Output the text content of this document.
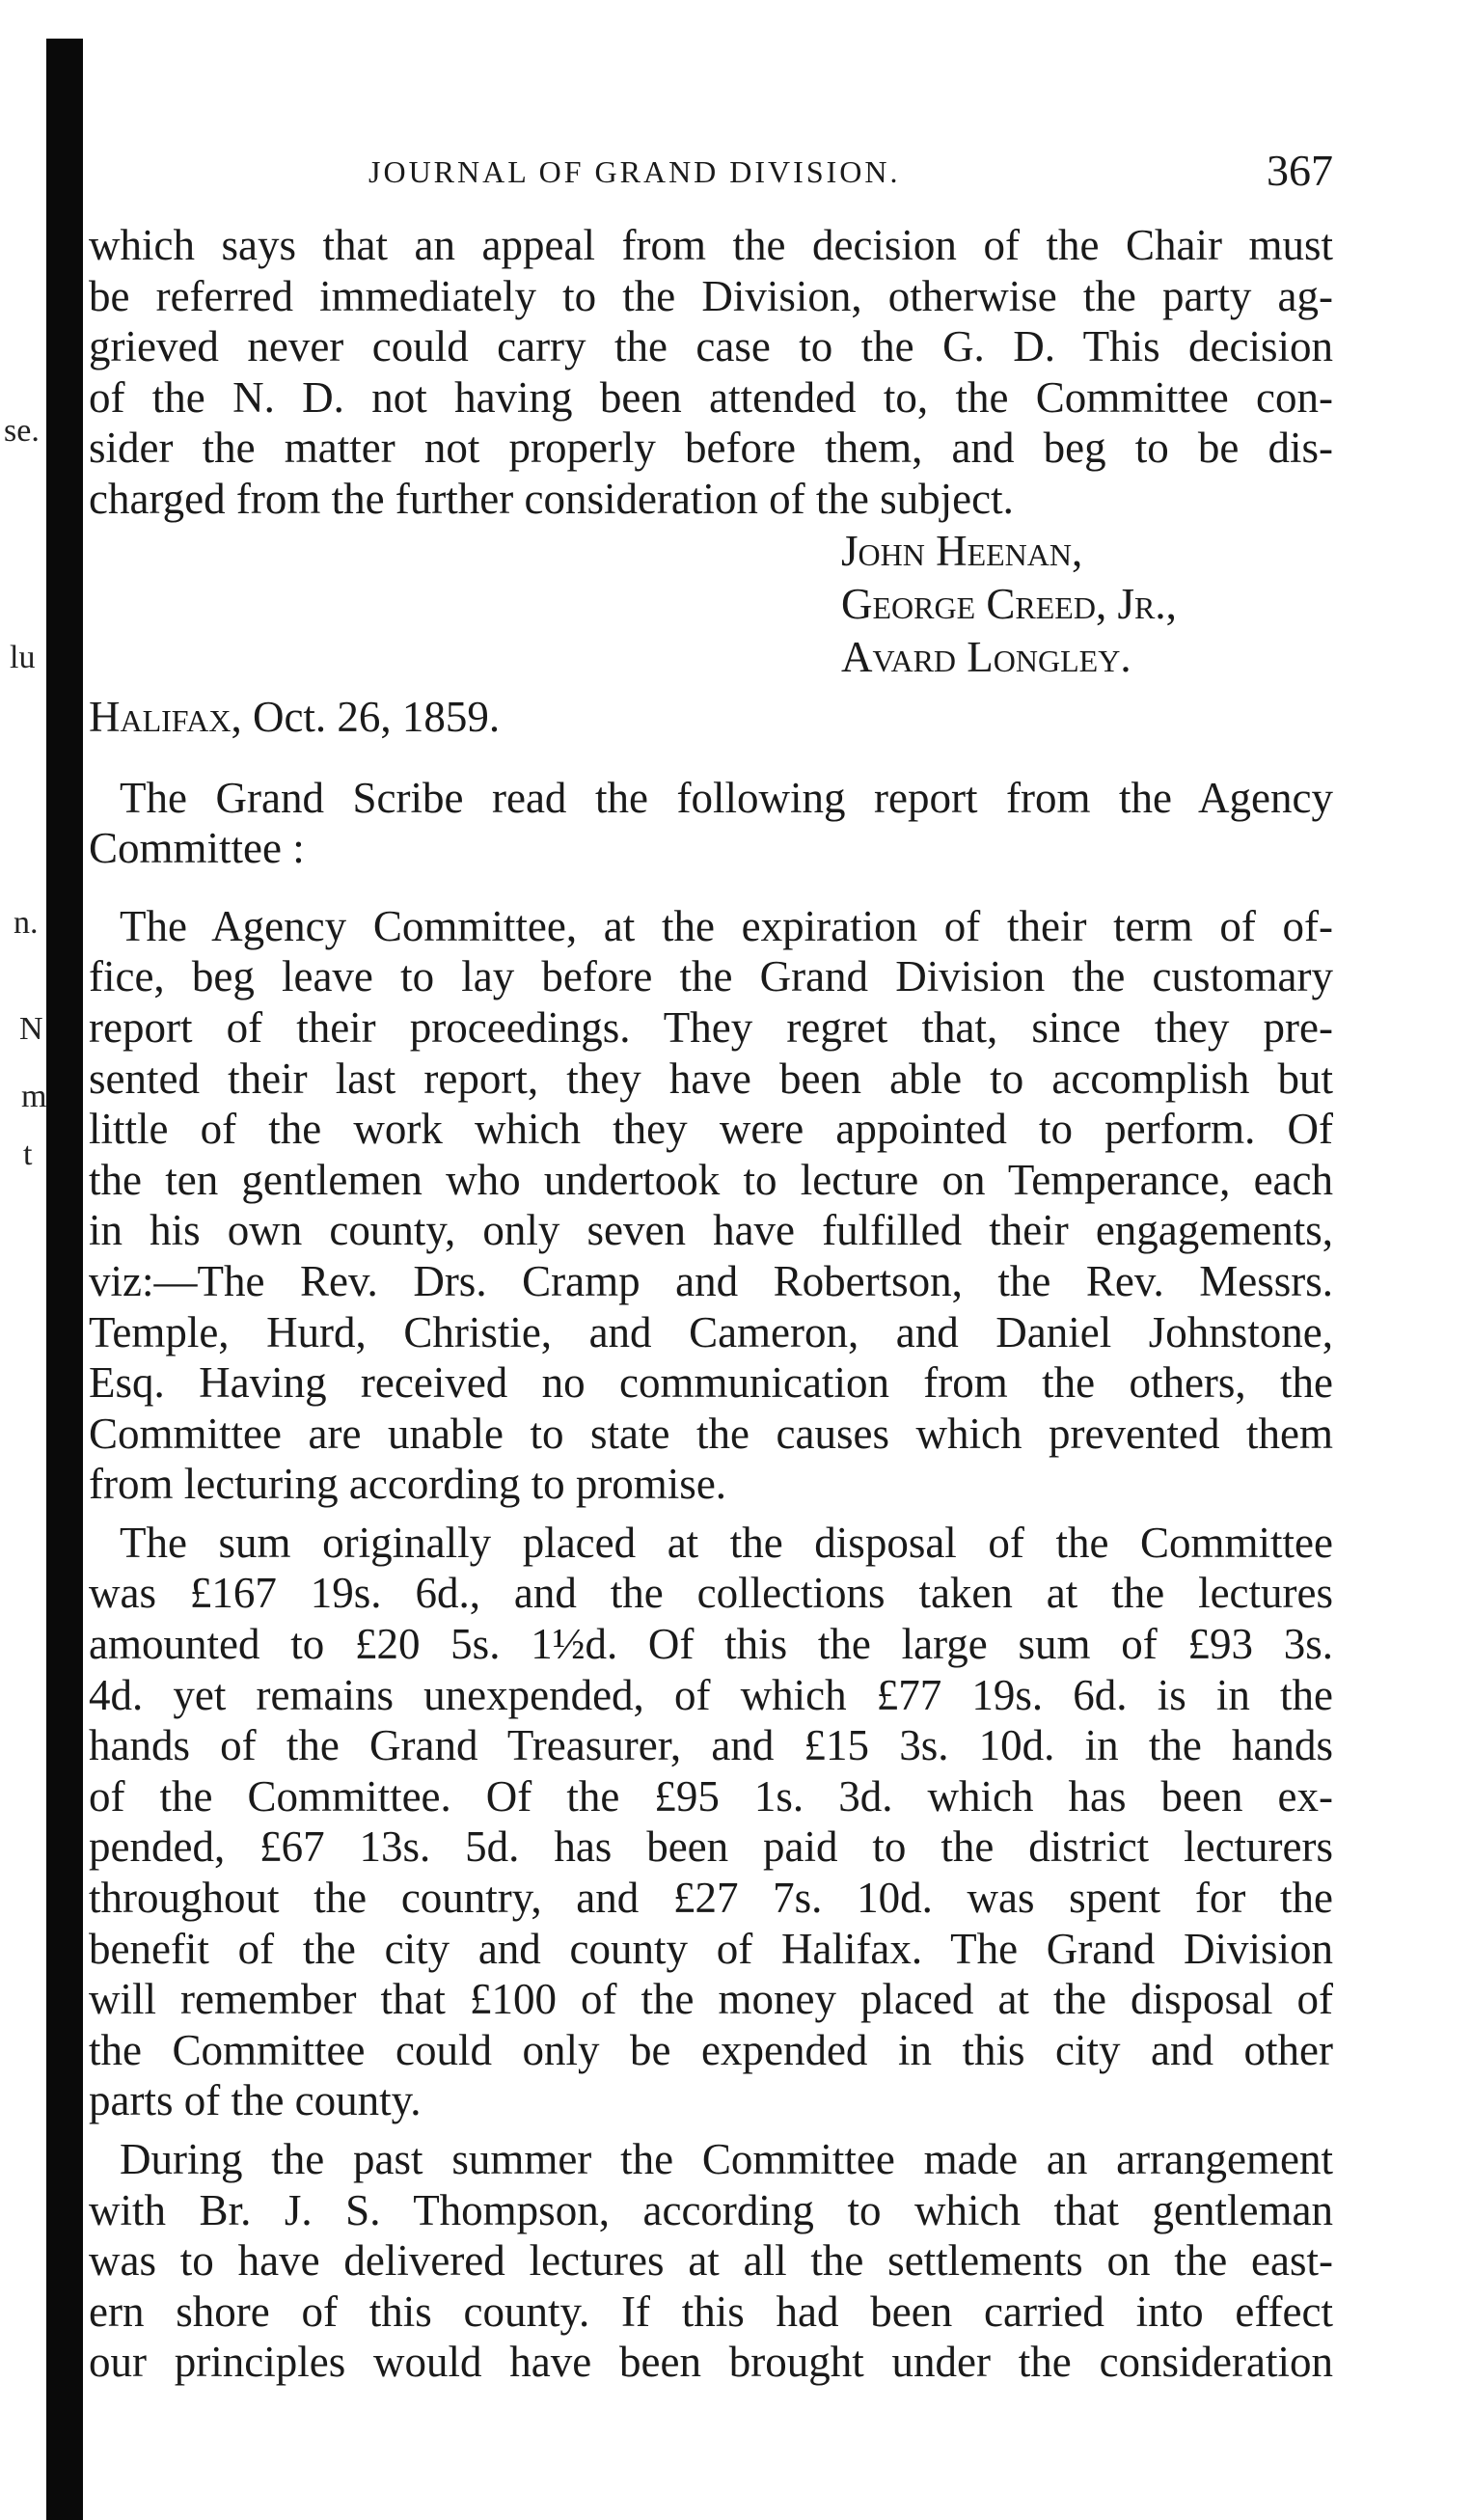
se.
lu
n.
N
m
t
JOURNAL OF GRAND DIVISION.	367
which says that an appeal from the decision of the Chair must
be referred immediately to the Division, otherwise the party ag-
grieved never could carry the case to the G. D. This decision
of the N. D. not having been attended to, the Committee con-
sider the matter not properly before them, and beg to be dis-
charged from the further consideration of the subject.
John Heenan,
George Creed, Jr.,
Avard Longley.
Halifax, Oct. 26, 1859.
The Grand Scribe read the following report from the Agency
Committee :
The Agency Committee, at the expiration of their term of of-
fice, beg leave to lay before the Grand Division the customary
report of their proceedings. They regret that, since they pre-
sented their last report, they have been able to accomplish but
little of the work which they were appointed to perform. Of
the ten gentlemen who undertook to lecture on Temperance, each
in his own county, only seven have fulfilled their engagements,
viz:—The Rev. Drs. Cramp and Robertson, the Rev. Messrs.
Temple, Hurd, Christie, and Cameron, and Daniel Johnstone,
Esq. Having received no communication from the others, the
Committee are unable to state the causes which prevented them
from lecturing according to promise.
The sum originally placed at the disposal of the Committee
was £167 19s. 6d., and the collections taken at the lectures
amounted to £20 5s. 1½d. Of this the large sum of £93 3s.
4d. yet remains unexpended, of which £77 19s. 6d. is in the
hands of the Grand Treasurer, and £15 3s. 10d. in the hands
of the Committee. Of the £95 1s. 3d. which has been ex-
pended, £67 13s. 5d. has been paid to the district lecturers
throughout the country, and £27 7s. 10d. was spent for the
benefit of the city and county of Halifax. The Grand Division
will remember that £100 of the money placed at the disposal of
the Committee could only be expended in this city and other
parts of the county.
During the past summer the Committee made an arrangement
with Br. J. S. Thompson, according to which that gentleman
was to have delivered lectures at all the settlements on the east-
ern shore of this county. If this had been carried into effect
our principles would have been brought under the consideration
